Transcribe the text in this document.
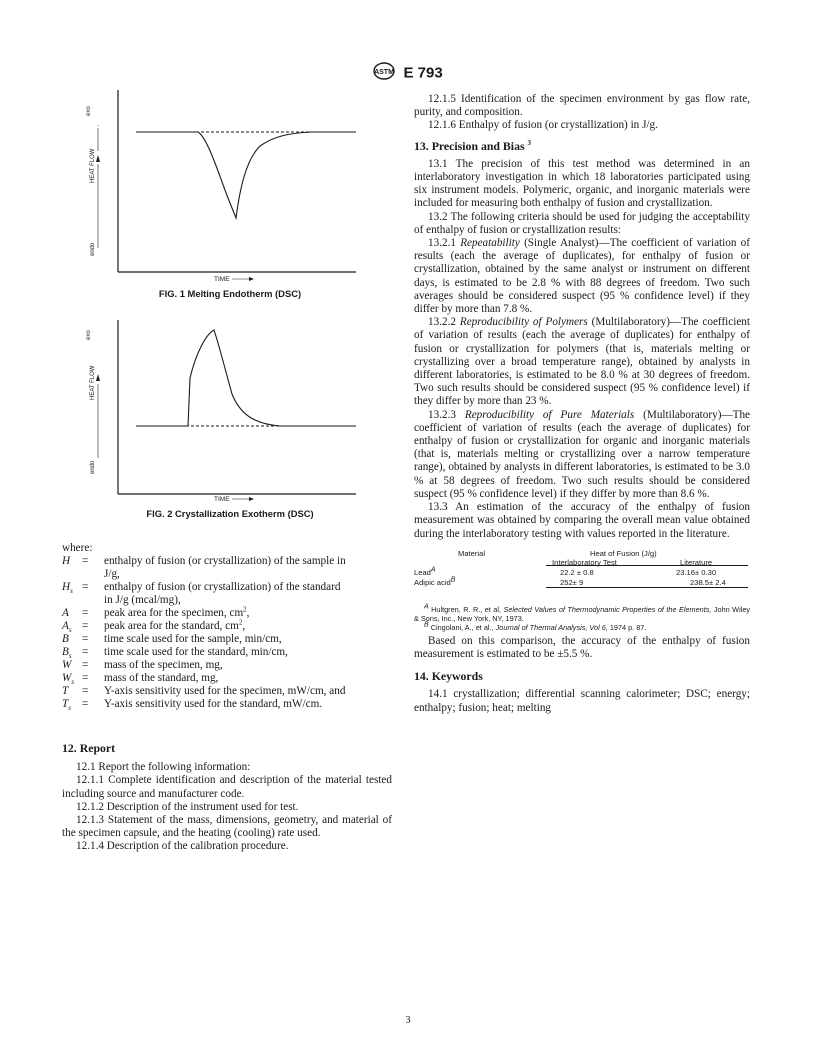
ASTM E 793
exo
HEAT FLOW
endo
TIME
FIG. 1 Melting Endotherm (DSC)
exo
HEAT FLOW
endo
TIME
FIG. 2 Crystallization Exotherm (DSC)
where:
H = enthalpy of fusion (or crystallization) of the sample in
J/g,
$H_s$ = enthalpy of fusion (or crystallization) of the standard
in J/g (mcal/mg),
A = peak area for the specimen, $cm^2$,
$A_s$ = peak area for the standard, $cm^2$,
B = time scale used for the sample, min/cm,
$B_s$ = time scale used for the standard, min/cm,
W = mass of the specimen, mg,
$W_s$ = mass of the standard, mg,
T = Y-axis sensitivity used for the specimen, mW/cm, and
$T_s$ = Y-axis sensitivity used for the standard, mW/cm.
12. Report

12.1 Report the following information:

12.1.1 Complete identification and description of the material tested including source and manufacturer code.

12.1.2 Description of the instrument used for test.

12.1.3 Statement of the mass, dimensions, geometry, and material of the specimen capsule, and the heating (cooling) rate used.

12.1.4 Description of the calibration procedure.

12.1.5 Identification of the specimen environment by gas flow rate, purity, and composition.

12.1.6 Enthalpy of fusion (or crystallization) in J/g.

13. Precision and Bias $^3$

13.1 The precision of this test method was determined in an interlaboratory investigation in which 18 laboratories participated using six instrument models. Polymeric, organic, and inorganic materials were included for measuring both enthalpy of fusion and crystallization.

13.2 The following criteria should be used for judging the acceptability of enthalpy of fusion or crystallization results:

13.2.1 Repeatability (Single Analyst)—The coefficient of variation of results (each the average of duplicates), for enthalpy of fusion or crystallization, obtained by the same analyst or instrument on different days, is estimated to be 2.8 % with 88 degrees of freedom. Two such averages should be considered suspect (95 % confidence level) if they differ by more than 7.8 %.

13.2.2 Reproducibility of Polymers (Multilaboratory)—The coefficient of variation of results (each the average of duplicates) for enthalpy of fusion or crystallization for polymers (that is, materials melting or crystallizing over a broad temperature range), obtained by analysts in different laboratories, is estimated to be 8.0 % at 30 degrees of freedom. Two such results should be considered suspect (95 % confidence level) if they differ by more than 23 %.

13.2.3 Reproducibility of Pure Materials (Multilaboratory)—The coefficient of variation of results (each the average of duplicates) for enthalpy of fusion or crystallization for organic and inorganic materials (that is, materials melting or crystallizing over a narrow temperature range), obtained by analysts in different laboratories, is estimated to be 3.0 % at 58 degrees of freedom. Two such results should be considered suspect (95 % confidence level) if they differ by more than 8.6 %.

13.3 An estimation of the accuracy of the enthalpy of fusion measurement was obtained by comparing the overall mean value obtained during the interlaboratory testing with values reported in the literature.

Material	Heat of Fusion (J/g)
Interlaboratory Test	Literature
Lead$^A$	22.2 ± 0.8	23.16± 0.30
Adipic acid$^B$	252± 9	238.5± 2.4
$^A$ Hultgren, R. R., et al, Selected Values of Thermodynamic Properties of the Elements, John Wiley & Sons, Inc., New York, NY, 1973.
$^B$ Cingolani, A., et al., Journal of Thermal Analysis, Vol 6, 1974 p. 87.

Based on this comparison, the accuracy of the enthalpy of fusion measurement is estimated to be ±5.5 %.

14. Keywords

14.1 crystallization; differential scanning calorimeter; DSC; energy; enthalpy; fusion; heat; melting

3
